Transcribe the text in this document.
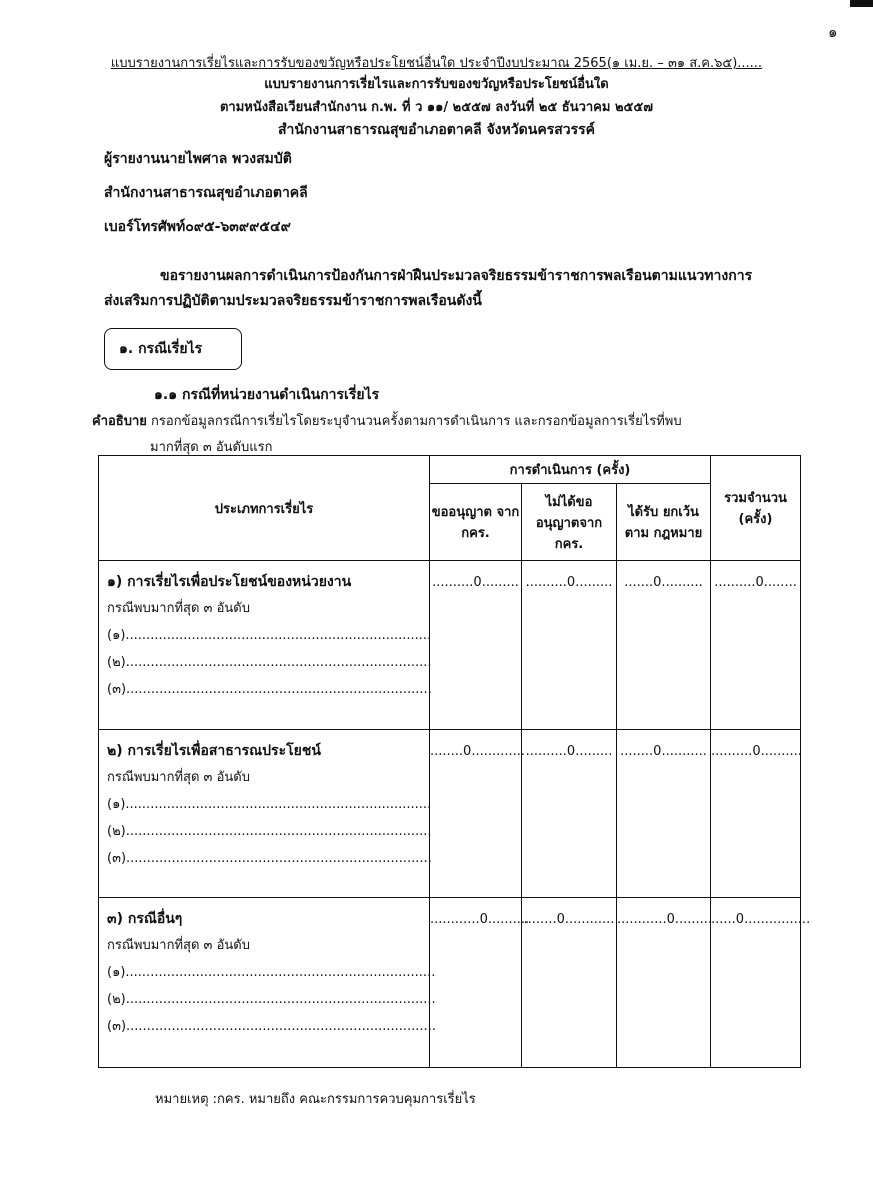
๑
แบบรายงานการเรี่ยไรและการรับของขวัญหรือประโยชน์อื่นใด ประจำปีงบประมาณ 2565(๑ เม.ย. – ๓๑ ส.ค.๖๕)......
แบบรายงานการเรี่ยไรและการรับของขวัญหรือประโยชน์อื่นใด
ตามหนังสือเวียนสำนักงาน ก.พ. ที่ ว ๑๑/ ๒๕๕๗ ลงวันที่ ๒๕ ธันวาคม ๒๕๕๗
สำนักงานสาธารณสุขอำเภอตาคลี จังหวัดนครสวรรค์
ผู้รายงานนายไพศาล พวงสมบัติ
สำนักงานสาธารณสุขอำเภอตาคลี
เบอร์โทรศัพท์๐๙๕-๖๓๙๙๕๔๙
ขอรายงานผลการดำเนินการป้องกันการฝ่าฝืนประมวลจริยธรรมข้าราชการพลเรือนตามแนวทางการ
ส่งเสริมการปฏิบัติตามประมวลจริยธรรมข้าราชการพลเรือนดังนี้
๑. กรณีเรี่ยไร
๑.๑ กรณีที่หน่วยงานดำเนินการเรี่ยไร
คำอธิบาย กรอกข้อมูลกรณีการเรี่ยไรโดยระบุจำนวนครั้งตามการดำเนินการ และกรอกข้อมูลการเรี่ยไรที่พบ
มากที่สุด ๓ อันดับแรก
ประเภทการเรี่ยไร	การดำเนินการ (ครั้ง)			รวมจำนวน (ครั้ง)
	ขออนุญาต จาก กคร.	ไม่ได้ขอ อนุญาตจาก กคร.	ได้รับ ยกเว้นตาม กฎหมาย	

๑) การเรี่ยไรเพื่อประโยชน์ของหน่วยงาน
กรณีพบมากที่สุด ๓ อันดับ
(๑)..........................................................................
(๒)..........................................................................
(๓)..........................................................................	..........0.........	..........0.........	.......0..........	..........0........

๒) การเรี่ยไรเพื่อสาธารณประโยชน์
กรณีพบมากที่สุด ๓ อันดับ
(๑)..........................................................................
(๒)..........................................................................
(๓)..........................................................................	........0.............	..........0.........	........0...........	..........0..........

๓) กรณีอื่นๆ
กรณีพบมากที่สุด ๓ อันดับ
(๑)...........................................................................
(๒)...........................................................................
(๓)...........................................................................	............0..........	........0............	............0.........	......0................
หมายเหตุ :กคร. หมายถึง คณะกรรมการควบคุมการเรี่ยไร
